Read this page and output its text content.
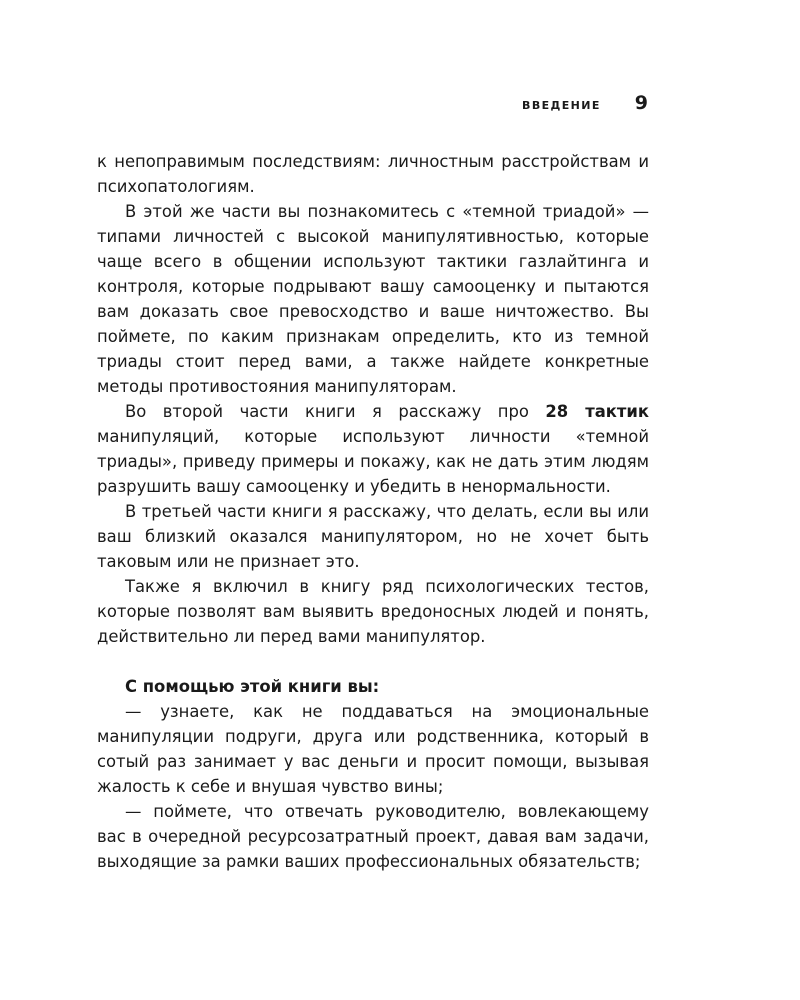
ВВЕДЕНИЕ 9

к непоправимым последствиям: личностным расстройствам и психопатологиям.

В этой же части вы познакомитесь с «темной триадой» — типами личностей с высокой манипулятивностью, которые чаще всего в общении используют тактики газлайтинга и контроля, которые подрывают вашу самооценку и пытаются вам доказать свое превосходство и ваше ничтожество. Вы поймете, по каким признакам определить, кто из темной триады стоит перед вами, а также найдете конкретные методы противостояния манипуляторам.

Во второй части книги я расскажу про 28 тактик манипуляций, которые используют личности «темной триады», приведу примеры и покажу, как не дать этим людям разрушить вашу самооценку и убедить в ненормальности.

В третьей части книги я расскажу, что делать, если вы или ваш близкий оказался манипулятором, но не хочет быть таковым или не признает это.

Также я включил в книгу ряд психологических тестов, которые позволят вам выявить вредоносных людей и понять, действительно ли перед вами манипулятор.

С помощью этой книги вы:

— узнаете, как не поддаваться на эмоциональные манипуляции подруги, друга или родственника, который в сотый раз занимает у вас деньги и просит помощи, вызывая жалость к себе и внушая чувство вины;

— поймете, что отвечать руководителю, вовлекающему вас в очередной ресурсозатратный проект, давая вам задачи, выходящие за рамки ваших профессиональных обязательств;
